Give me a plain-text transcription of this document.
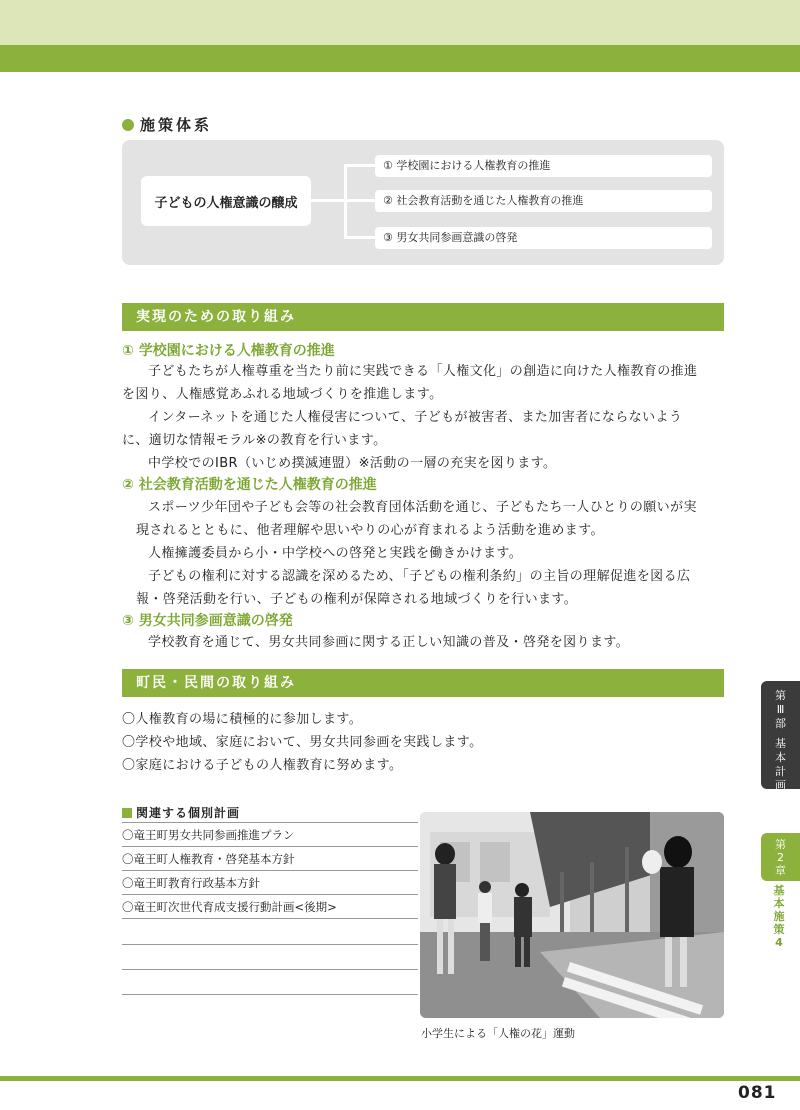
施策体系
子どもの人権意識の醸成
① 学校園における人権教育の推進
② 社会教育活動を通じた人権教育の推進
③ 男女共同参画意識の啓発
実現のための取り組み
① 学校園における人権教育の推進
子どもたちが人権尊重を当たり前に実践できる「人権文化」の創造に向けた人権教育の推進
を図り、人権感覚あふれる地域づくりを推進します。
インターネットを通じた人権侵害について、子どもが被害者、また加害者にならないよう
に、適切な情報モラル※の教育を行います。
中学校でのIBR（いじめ撲滅連盟）※活動の一層の充実を図ります。
② 社会教育活動を通じた人権教育の推進
スポーツ少年団や子ども会等の社会教育団体活動を通じ、子どもたち一人ひとりの願いが実
現されるとともに、他者理解や思いやりの心が育まれるよう活動を進めます。
人権擁護委員から小・中学校への啓発と実践を働きかけます。
子どもの権利に対する認識を深めるため、「子どもの権利条約」の主旨の理解促進を図る広
報・啓発活動を行い、子どもの権利が保障される地域づくりを行います。
③ 男女共同参画意識の啓発
学校教育を通じて、男女共同参画に関する正しい知識の普及・啓発を図ります。
町民・民間の取り組み
〇人権教育の場に積極的に参加します。
〇学校や地域、家庭において、男女共同参画を実践します。
〇家庭における子どもの人権教育に努めます。
関連する個別計画
〇竜王町男女共同参画推進プラン
〇竜王町人権教育・啓発基本方針
〇竜王町教育行政基本方針
〇竜王町次世代育成支援行動計画<後期>
小学生による「人権の花」運動
第
Ⅲ
部
基
本
計
画
第
2
章
基
本
施
策
4
081
